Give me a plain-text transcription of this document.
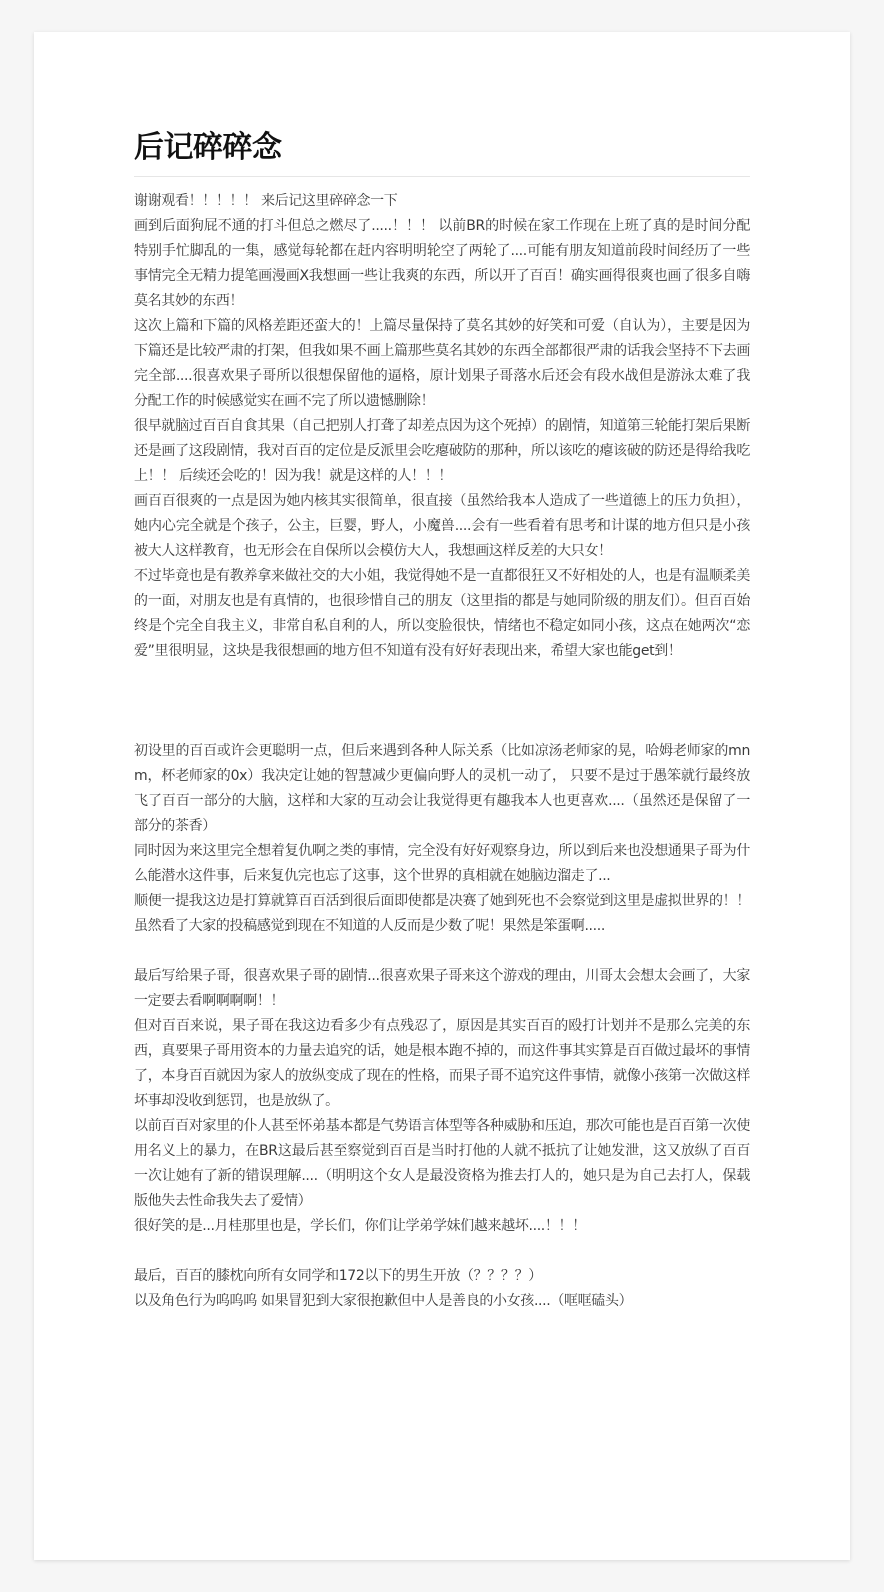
后记碎碎念

谢谢观看！！！！！ 来后记这里碎碎念一下

画到后面狗屁不通的打斗但总之燃尽了.....！！！ 以前BR的时候在家工作现在上班了真的是时间分配特别手忙脚乱的一集，感觉每轮都在赶内容明明轮空了两轮了....可能有朋友知道前段时间经历了一些事情完全无精力提笔画漫画X我想画一些让我爽的东西，所以开了百百！确实画得很爽也画了很多自嗨莫名其妙的东西！

这次上篇和下篇的风格差距还蛮大的！上篇尽量保持了莫名其妙的好笑和可爱（自认为），主要是因为下篇还是比较严肃的打架，但我如果不画上篇那些莫名其妙的东西全部都很严肃的话我会坚持不下去画完全部....很喜欢果子哥所以很想保留他的逼格，原计划果子哥落水后还会有段水战但是游泳太难了我分配工作的时候感觉实在画不完了所以遗憾删除！

很早就脑过百百自食其果（自己把别人打聋了却差点因为这个死掉）的剧情，知道第三轮能打架后果断还是画了这段剧情，我对百百的定位是反派里会吃瘪破防的那种，所以该吃的瘪该破的防还是得给我吃上！！ 后续还会吃的！因为我！就是这样的人！！！

画百百很爽的一点是因为她内核其实很简单，很直接（虽然给我本人造成了一些道德上的压力负担），她内心完全就是个孩子，公主，巨婴，野人，小魔兽....会有一些看着有思考和计谋的地方但只是小孩被大人这样教育，也无形会在自保所以会模仿大人，我想画这样反差的大只女！

不过毕竟也是有教养拿来做社交的大小姐，我觉得她不是一直都很狂又不好相处的人，也是有温顺柔美的一面，对朋友也是有真情的，也很珍惜自己的朋友（这里指的都是与她同阶级的朋友们）。但百百始终是个完全自我主义，非常自私自利的人，所以变脸很快，情绪也不稳定如同小孩，这点在她两次“恋爱”里很明显，这块是我很想画的地方但不知道有没有好好表现出来，希望大家也能get到！

初设里的百百或许会更聪明一点，但后来遇到各种人际关系（比如凉汤老师家的晃，哈姆老师家的mnm，杯老师家的0x）我决定让她的智慧减少更偏向野人的灵机一动了， 只要不是过于愚笨就行最终放飞了百百一部分的大脑，这样和大家的互动会让我觉得更有趣我本人也更喜欢....（虽然还是保留了一部分的茶香）

同时因为来这里完全想着复仇啊之类的事情，完全没有好好观察身边，所以到后来也没想通果子哥为什么能潜水这件事，后来复仇完也忘了这事，这个世界的真相就在她脑边溜走了...

顺便一提我这边是打算就算百百活到很后面即使都是决赛了她到死也不会察觉到这里是虚拟世界的！！ 虽然看了大家的投稿感觉到现在不知道的人反而是少数了呢！果然是笨蛋啊.....

最后写给果子哥，很喜欢果子哥的剧情...很喜欢果子哥来这个游戏的理由，川哥太会想太会画了，大家一定要去看啊啊啊啊！！

但对百百来说，果子哥在我这边看多少有点残忍了，原因是其实百百的殴打计划并不是那么完美的东西，真要果子哥用资本的力量去追究的话，她是根本跑不掉的，而这件事其实算是百百做过最坏的事情了，本身百百就因为家人的放纵变成了现在的性格，而果子哥不追究这件事情，就像小孩第一次做这样坏事却没收到惩罚，也是放纵了。

以前百百对家里的仆人甚至怀弟基本都是气势语言体型等各种威胁和压迫，那次可能也是百百第一次使用名义上的暴力，在BR这最后甚至察觉到百百是当时打他的人就不抵抗了让她发泄，这又放纵了百百一次让她有了新的错误理解....（明明这个女人是最没资格为推去打人的，她只是为自己去打人，保载版他失去性命我失去了爱情）

很好笑的是...月桂那里也是，学长们，你们让学弟学妹们越来越坏....！！！

最后，百百的膝枕向所有女同学和172以下的男生开放（？？？？）

以及角色行为呜呜呜 如果冒犯到大家很抱歉但中人是善良的小女孩....（哐哐磕头）
